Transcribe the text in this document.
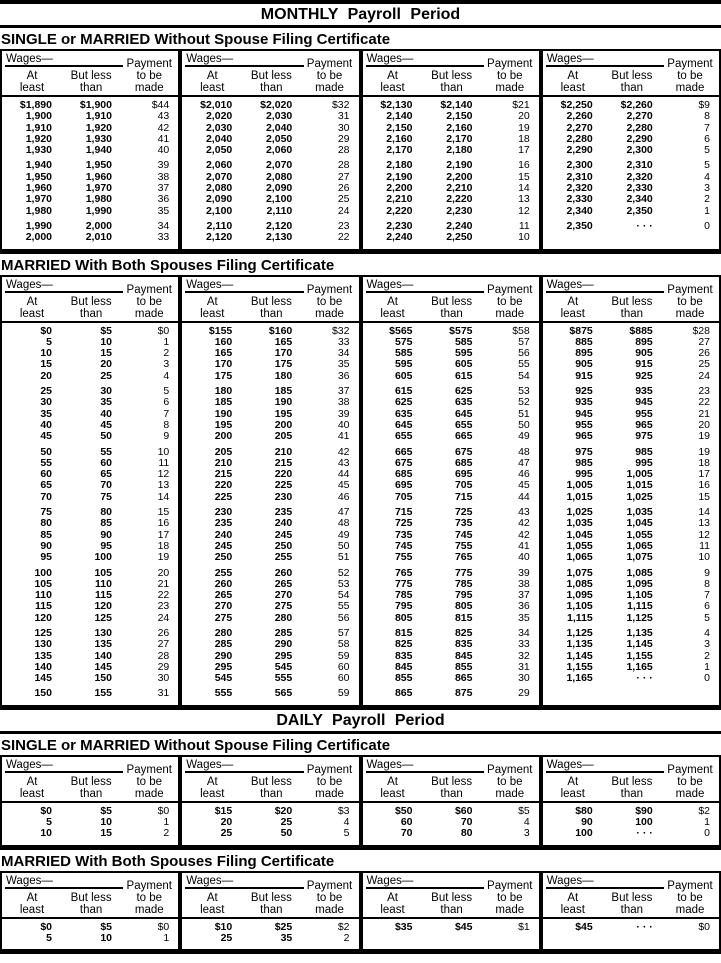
MONTHLY Payroll Period
SINGLE or MARRIED Without Spouse Filing Certificate
Wages—
At
least
But less
than
Payment
to be
made
$1,890	$1,900	$44
1,900	1,910	43
1,910	1,920	42
1,920	1,930	41
1,930	1,940	40
1,940	1,950	39
1,950	1,960	38
1,960	1,970	37
1,970	1,980	36
1,980	1,990	35
1,990	2,000	34
2,000	2,010	33
Wages—
At
least
But less
than
Payment
to be
made
$2,010	$2,020	$32
2,020	2,030	31
2,030	2,040	30
2,040	2,050	29
2,050	2,060	28
2,060	2,070	28
2,070	2,080	27
2,080	2,090	26
2,090	2,100	25
2,100	2,110	24
2,110	2,120	23
2,120	2,130	22
Wages—
At
least
But less
than
Payment
to be
made
$2,130	$2,140	$21
2,140	2,150	20
2,150	2,160	19
2,160	2,170	18
2,170	2,180	17
2,180	2,190	16
2,190	2,200	15
2,200	2,210	14
2,210	2,220	13
2,220	2,230	12
2,230	2,240	11
2,240	2,250	10
Wages—
At
least
But less
than
Payment
to be
made
$2,250	$2,260	$9
2,260	2,270	8
2,270	2,280	7
2,280	2,290	6
2,290	2,300	5
2,300	2,310	5
2,310	2,320	4
2,320	2,330	3
2,330	2,340	2
2,340	2,350	1
2,350	· · ·	0
MARRIED With Both Spouses Filing Certificate
Wages—
At
least
But less
than
Payment
to be
made
$0	$5	$0
5	10	1
10	15	2
15	20	3
20	25	4
25	30	5
30	35	6
35	40	7
40	45	8
45	50	9
50	55	10
55	60	11
60	65	12
65	70	13
70	75	14
75	80	15
80	85	16
85	90	17
90	95	18
95	100	19
100	105	20
105	110	21
110	115	22
115	120	23
120	125	24
125	130	26
130	135	27
135	140	28
140	145	29
145	150	30
150	155	31
Wages—
At
least
But less
than
Payment
to be
made
$155	$160	$32
160	165	33
165	170	34
170	175	35
175	180	36
180	185	37
185	190	38
190	195	39
195	200	40
200	205	41
205	210	42
210	215	43
215	220	44
220	225	45
225	230	46
230	235	47
235	240	48
240	245	49
245	250	50
250	255	51
255	260	52
260	265	53
265	270	54
270	275	55
275	280	56
280	285	57
285	290	58
290	295	59
295	545	60
545	555	60
555	565	59
Wages—
At
least
But less
than
Payment
to be
made
$565	$575	$58
575	585	57
585	595	56
595	605	55
605	615	54
615	625	53
625	635	52
635	645	51
645	655	50
655	665	49
665	675	48
675	685	47
685	695	46
695	705	45
705	715	44
715	725	43
725	735	42
735	745	42
745	755	41
755	765	40
765	775	39
775	785	38
785	795	37
795	805	36
805	815	35
815	825	34
825	835	33
835	845	32
845	855	31
855	865	30
865	875	29
Wages—
At
least
But less
than
Payment
to be
made
$875	$885	$28
885	895	27
895	905	26
905	915	25
915	925	24
925	935	23
935	945	22
945	955	21
955	965	20
965	975	19
975	985	19
985	995	18
995	1,005	17
1,005	1,015	16
1,015	1,025	15
1,025	1,035	14
1,035	1,045	13
1,045	1,055	12
1,055	1,065	11
1,065	1,075	10
1,075	1,085	9
1,085	1,095	8
1,095	1,105	7
1,105	1,115	6
1,115	1,125	5
1,125	1,135	4
1,135	1,145	3
1,145	1,155	2
1,155	1,165	1
1,165	· · ·	0
DAILY Payroll Period
SINGLE or MARRIED Without Spouse Filing Certificate
Wages—
At
least
But less
than
Payment
to be
made
$0	$5	$0
5	10	1
10	15	2
Wages—
At
least
But less
than
Payment
to be
made
$15	$20	$3
20	25	4
25	50	5
Wages—
At
least
But less
than
Payment
to be
made
$50	$60	$5
60	70	4
70	80	3
Wages—
At
least
But less
than
Payment
to be
made
$80	$90	$2
90	100	1
100	· · ·	0
MARRIED With Both Spouses Filing Certificate
Wages—
At
least
But less
than
Payment
to be
made
$0	$5	$0
5	10	1
Wages—
At
least
But less
than
Payment
to be
made
$10	$25	$2
25	35	2
Wages—
At
least
But less
than
Payment
to be
made
$35	$45	$1
Wages—
At
least
But less
than
Payment
to be
made
$45	· · ·	$0
